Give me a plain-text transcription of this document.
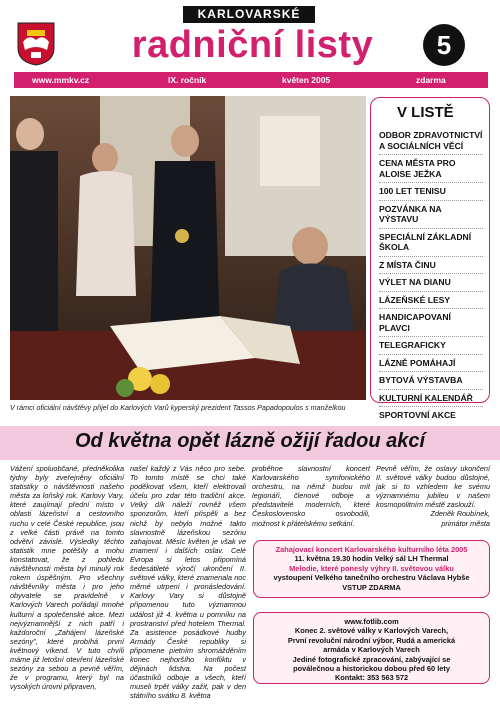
KARLOVARSKÉ
radniční listy	5
www.mmkv.cz	IX. ročník	květen 2005	zdarma
V rámci oficiální návštěvy přijel do Karlových Varů kyperský prezident Tassos Papadopoulos s manželkou
V LISTĚ
ODBOR ZDRAVOTNICTVÍ A SOCIÁLNÍCH VĚCÍ
CENA MĚSTA PRO ALOISE JEŽKA
100 LET TENISU
POZVÁNKA NA VÝSTAVU
SPECIÁLNÍ ZÁKLADNÍ ŠKOLA
Z MÍSTA ČINU
VÝLET NA DIANU
LÁZEŇSKÉ LESY
HANDICAPOVANÍ PLAVCI
TELEGRAFICKY
LÁZNĚ POMÁHAJÍ
BYTOVÁ VÝSTAVBA
KULTURNÍ KALENDÁŘ
SPORTOVNÍ AKCE
Od května opět lázně ožijí řadou akcí
Vážení spoluobčané, předněkolika týdny byly zveřejněny oficiální statistiky o návštěvnosti našeho města za loňský rok. Karlovy Vary, které zaujímají přední místo v oblasti lázeňství a cestovního ruchu v celé České republice, jsou z velké části právě na tomto odvětví závislé. Výsledky těchto statistik mne potěšily a mohu konstatovat, že z pohledu návštěvnosti města byl minulý rok rokem úspěšným. Pro všechny návštěvníky města i pro jeho obyvatele se pravidelně v Karlových Varech pořádají mnohé kulturní a společenské akce. Mezi nejvýznamnější z nich patří i každoroční „Zahájení lázeňské sezóny", které probíhá první květnový víkend. V tuto chvíli máme již letošní otevření lázeňské sezóny za sebou a pevně věřím, že v programu, který byl na vysokých úrovni připraven,
našel každý z Vás něco pro sebe. To tomto místě se chci také poděkovat všem, kteří elektrovali účelu pro zdar této tradiční akce. Velký dík náleží rovněž všem sponzorům, kteří přispěli a bez nichž by nebylo možné takto slavnostně lázeňskou sezónu zahajovat. Měsíc květen je však ve znamení i dalších oslav. Celé Evropa si letos připomíná šedesátileté výročí ukončení II. světové války, které znamenala noc měrné utrpení i pronásledování. Karlovy Vary si důstojně připomenou tuto významnou událost již 4. května u pomníku na prostranství před hotelem Thermal. Za asistence posádkové hudby Armády České republiky si připomene pietním shromážděním konec nejhoršího konfliktu v dějinách lidstva. Na počest účastníků odboje a všech, kteří museli trpět války zažit, pak v den státního svátku 8. května
proběhne slavnostní koncert Karlovarského symfonického orchestru, na němž budou mít legionáři, členové odboje a představitelé moderních, které Československo osvobodili, možnost k přátelskému setkání.
Pevně věřím, že oslavy ukončení II. světové války budou důstojné, jak si to vzhledem ke svému významnému jubileu v našem kosmopolitním městě zaslouží.
Zdeněk Roubínek,
primátor města
Zahajovací koncert Karlovarského kulturního léta 2005
11. května 19.30 hodin Velký sál LH Thermal
Melodie, které ponesly výhry II. světovou válku
vystoupení Velkého tanečního orchestru Václava Hybše
VSTUP ZDARMA
www.fotlib.com
Konec 2. světové války v Karlových Varech,
První revoluční národní výbor, Rudá a americká
armáda v Karlových Varech
Jediné fotografické zpracování, zabývající se
poválečnou a historickou dobou před 60 lety
Kontakt: 353 563 572
